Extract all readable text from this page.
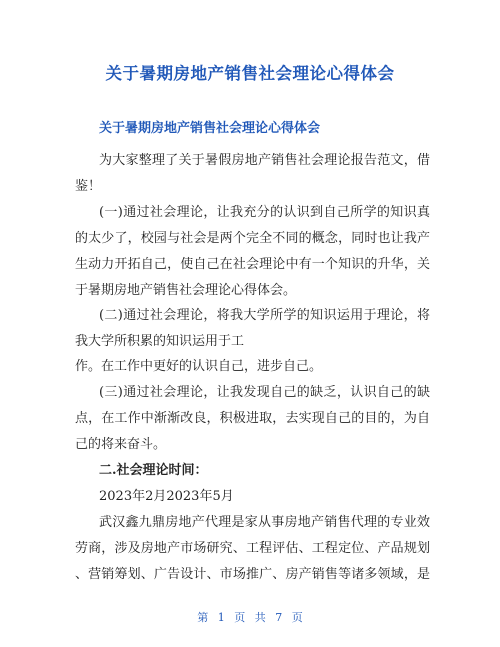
关于暑期房地产销售社会理论心得体会
关于暑期房地产销售社会理论心得体会
为大家整理了关于暑假房地产销售社会理论报告范文，借
鉴！
(一)通过社会理论，让我充分的认识到自己所学的知识真
的太少了，校园与社会是两个完全不同的概念，同时也让我产
生动力开拓自己，使自己在社会理论中有一个知识的升华，关
于暑期房地产销售社会理论心得体会。
(二)通过社会理论，将我大学所学的知识运用于理论，将
我大学所积累的知识运用于工
作。在工作中更好的认识自己，进步自己。
(三)通过社会理论，让我发现自己的缺乏，认识自己的缺
点，在工作中渐渐改良，积极进取，去实现自己的目的，为自
己的将来奋斗。
二.社会理论时间：
2023年2月2023年5月
武汉鑫九鼎房地产代理是家从事房地产销售代理的专业效
劳商，涉及房地产市场研究、工程评估、工程定位、产品规划
、营销筹划、广告设计、市场推广、房产销售等诸多领域，是
第 1 页 共 7 页
